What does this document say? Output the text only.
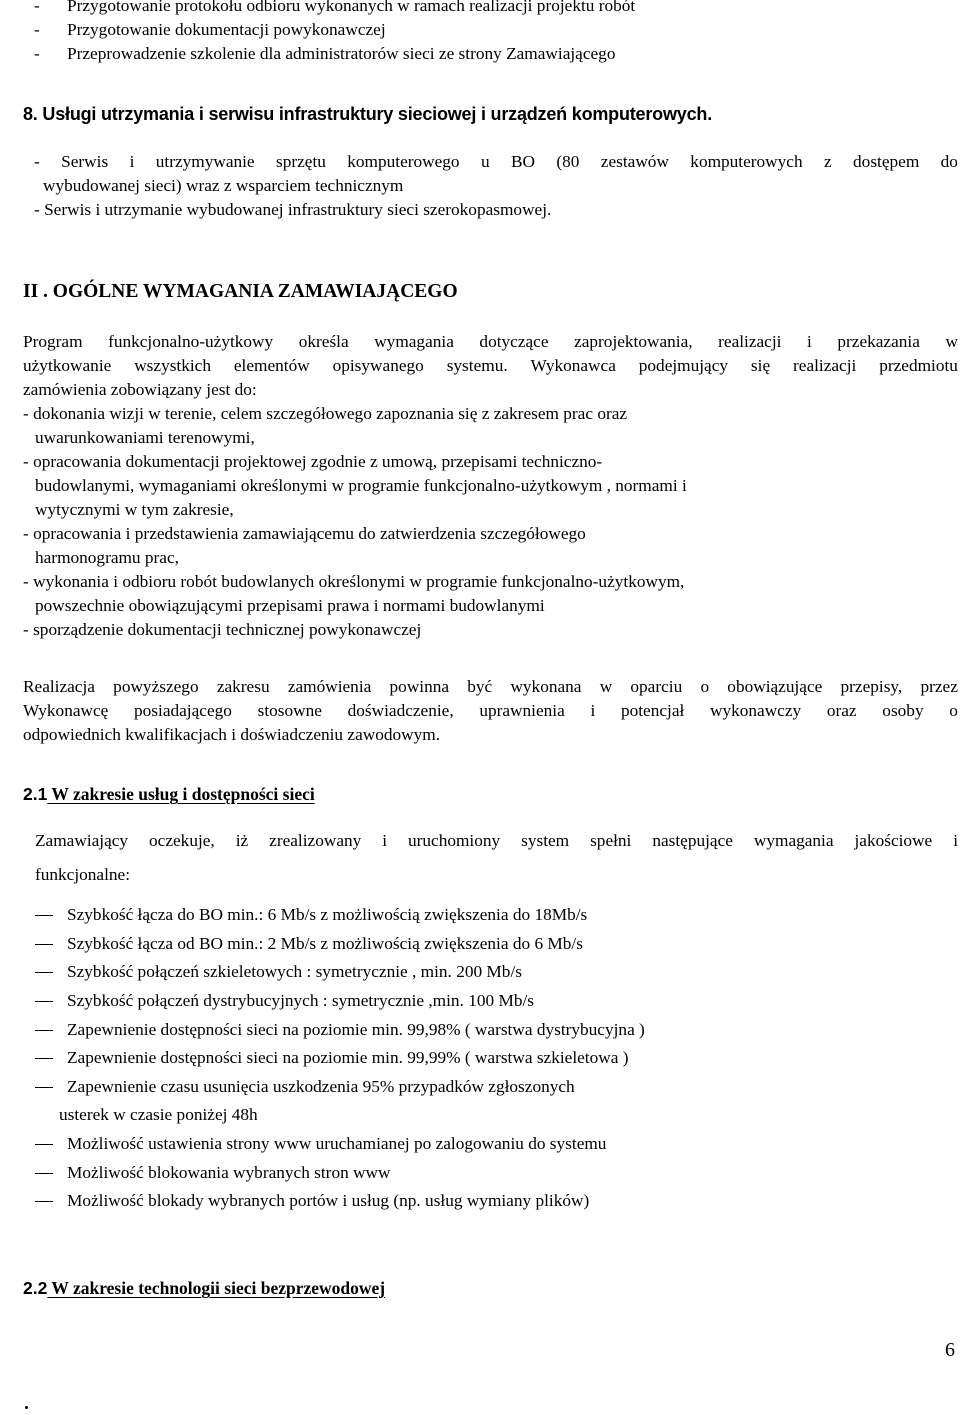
- Przygotowanie protokołu odbioru wykonanych w ramach realizacji projektu robót
- Przygotowanie dokumentacji powykonawczej
- Przeprowadzenie szkolenie dla administratorów sieci ze strony Zamawiającego
8. Usługi utrzymania i serwisu infrastruktury sieciowej i urządzeń komputerowych.
- Serwis i utrzymywanie sprzętu komputerowego u BO (80 zestawów komputerowych z dostępem do
wybudowanej sieci) wraz z wsparciem technicznym
- Serwis i utrzymanie wybudowanej infrastruktury sieci szerokopasmowej.
II . OGÓLNE WYMAGANIA ZAMAWIAJĄCEGO
Program funkcjonalno-użytkowy określa wymagania dotyczące zaprojektowania, realizacji i przekazania w
użytkowanie wszystkich elementów opisywanego systemu. Wykonawca podejmujący się realizacji przedmiotu
zamówienia zobowiązany jest do:
- dokonania wizji w terenie, celem szczegółowego zapoznania się z zakresem prac oraz
uwarunkowaniami terenowymi,
- opracowania dokumentacji projektowej zgodnie z umową, przepisami techniczno-
budowlanymi, wymaganiami określonymi w programie funkcjonalno-użytkowym , normami i
wytycznymi w tym zakresie,
- opracowania i przedstawienia zamawiającemu do zatwierdzenia szczegółowego
harmonogramu prac,
- wykonania i odbioru robót budowlanych określonymi w programie funkcjonalno-użytkowym,
powszechnie obowiązującymi przepisami prawa i normami budowlanymi
- sporządzenie dokumentacji technicznej powykonawczej
Realizacja powyższego zakresu zamówienia powinna być wykonana w oparciu o obowiązujące przepisy, przez
Wykonawcę posiadającego stosowne doświadczenie, uprawnienia i potencjał wykonawczy oraz osoby o
odpowiednich kwalifikacjach i doświadczeniu zawodowym.
2.1 W zakresie usług i dostępności sieci
Zamawiający oczekuje, iż zrealizowany i uruchomiony system spełni następujące wymagania jakościowe i
funkcjonalne:
Szybkość łącza do BO min.: 6 Mb/s z możliwością zwiększenia do 18Mb/s
Szybkość łącza od BO min.: 2 Mb/s z możliwością zwiększenia do 6 Mb/s
Szybkość połączeń szkieletowych : symetrycznie , min. 200 Mb/s
Szybkość połączeń dystrybucyjnych : symetrycznie ,min. 100 Mb/s
Zapewnienie dostępności sieci na poziomie min. 99,98% ( warstwa dystrybucyjna )
Zapewnienie dostępności sieci na poziomie min. 99,99% ( warstwa szkieletowa )
Zapewnienie czasu usunięcia uszkodzenia 95% przypadków zgłoszonych
usterek w czasie poniżej 48h
Możliwość ustawienia strony www uruchamianej po zalogowaniu do systemu
Możliwość blokowania wybranych stron www
Możliwość blokady wybranych portów i usług (np. usług wymiany plików)
2.2 W zakresie technologii sieci bezprzewodowej
6
